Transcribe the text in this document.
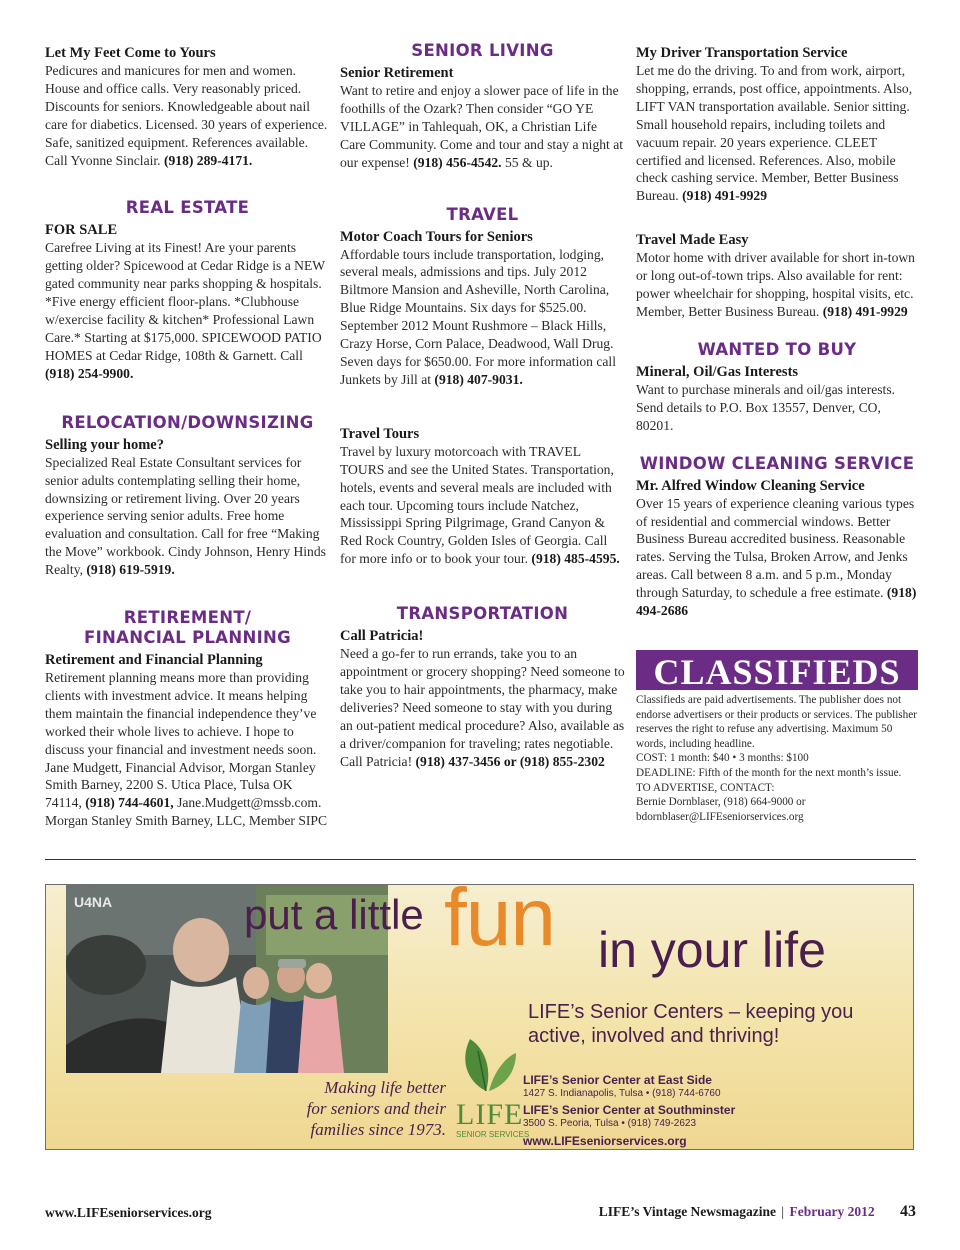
Let My Feet Come to Yours

Pedicures and manicures for men and women. House and office calls. Very reasonably priced. Discounts for seniors. Knowledgeable about nail care for diabetics. Licensed. 30 years of experience. Safe, sanitized equipment. References available. Call Yvonne Sinclair. (918) 289-4171.

REAL ESTATE

FOR SALE

Carefree Living at its Finest! Are your parents getting older? Spicewood at Cedar Ridge is a NEW gated community near parks shopping & hospitals. *Five energy efficient floor-plans. *Clubhouse w/exercise facility & kitchen* Professional Lawn Care.* Starting at $175,000. SPICEWOOD PATIO HOMES at Cedar Ridge, 108th & Garnett. Call (918) 254-9900.

RELOCATION/DOWNSIZING

Selling your home?

Specialized Real Estate Consultant services for senior adults contemplating selling their home, downsizing or retirement living. Over 20 years experience serving senior adults. Free home evaluation and consultation. Call for free “Making the Move” workbook. Cindy Johnson, Henry Hinds Realty, (918) 619-5919.

RETIREMENT/
FINANCIAL PLANNING

Retirement and Financial Planning

Retirement planning means more than providing clients with investment advice. It means helping them maintain the financial independence they’ve worked their whole lives to achieve. I hope to discuss your financial and investment needs soon. Jane Mudgett, Financial Advisor, Morgan Stanley Smith Barney, 2200 S. Utica Place, Tulsa OK 74114, (918) 744-4601, Jane.Mudgett@mssb.com. Morgan Stanley Smith Barney, LLC, Member SIPC

SENIOR LIVING

Senior Retirement

Want to retire and enjoy a slower pace of life in the foothills of the Ozark? Then consider “GO YE VILLAGE” in Tahlequah, OK, a Christian Life Care Community. Come and tour and stay a night at our expense! (918) 456-4542. 55 & up.

TRAVEL

Motor Coach Tours for Seniors

Affordable tours include transportation, lodging, several meals, admissions and tips. July 2012 Biltmore Mansion and Asheville, North Carolina, Blue Ridge Mountains. Six days for $525.00. September 2012 Mount Rushmore – Black Hills, Crazy Horse, Corn Palace, Deadwood, Wall Drug. Seven days for $650.00. For more information call Junkets by Jill at (918) 407-9031.

Travel Tours

Travel by luxury motorcoach with TRAVEL TOURS and see the United States. Transportation, hotels, events and several meals are included with each tour. Upcoming tours include Natchez, Mississippi Spring Pilgrimage, Grand Canyon & Red Rock Country, Golden Isles of Georgia. Call for more info or to book your tour. (918) 485-4595.

TRANSPORTATION

Call Patricia!

Need a go-fer to run errands, take you to an appointment or grocery shopping? Need someone to take you to hair appointments, the pharmacy, make deliveries? Need someone to stay with you during an out-patient medical procedure? Also, available as a driver/companion for traveling; rates negotiable. Call Patricia! (918) 437-3456 or (918) 855-2302

My Driver Transportation Service

Let me do the driving. To and from work, airport, shopping, errands, post office, appointments. Also, LIFT VAN transportation available. Senior sitting. Small household repairs, including toilets and vacuum repair. 20 years experience. CLEET certified and licensed. References. Also, mobile check cashing service. Member, Better Business Bureau. (918) 491-9929

Travel Made Easy

Motor home with driver available for short in-town or long out-of-town trips. Also available for rent: power wheelchair for shopping, hospital visits, etc. Member, Better Business Bureau. (918) 491-9929

WANTED TO BUY

Mineral, Oil/Gas Interests

Want to purchase minerals and oil/gas interests. Send details to P.O. Box 13557, Denver, CO, 80201.

WINDOW CLEANING SERVICE

Mr. Alfred Window Cleaning Service

Over 15 years of experience cleaning various types of residential and commercial windows. Better Business Bureau accredited business. Reasonable rates. Serving the Tulsa, Broken Arrow, and Jenks areas. Call between 8 a.m. and 5 p.m., Monday through Saturday, to schedule a free estimate. (918) 494-2686

CLASSIFIEDS

Classifieds are paid advertisements. The publisher does not endorse advertisers or their products or services. The publisher reserves the right to refuse any advertising. Maximum 50 words, including headline.

COST: 1 month: $40 • 3 months: $100

DEADLINE: Fifth of the month for the next month’s issue.

TO ADVERTISE, CONTACT:

Bernie Dornblaser, (918) 664-9000 or

bdornblaser@LIFEseniorservices.org

U4NA	put a little fun in your life
LIFE’s Senior Centers – keeping you
active, involved and thriving!
Making life better
for seniors and their
families since 1973. LIFE
SENIOR SERVICES
LIFE’s Senior Center at East Side
1427 S. Indianapolis, Tulsa • (918) 744-6760
LIFE’s Senior Center at Southminster
3500 S. Peoria, Tulsa • (918) 749-2623
www.LIFEseniorservices.org
www.LIFEseniorservices.org	LIFE’s Vintage Newsmagazine | February 2012 43
